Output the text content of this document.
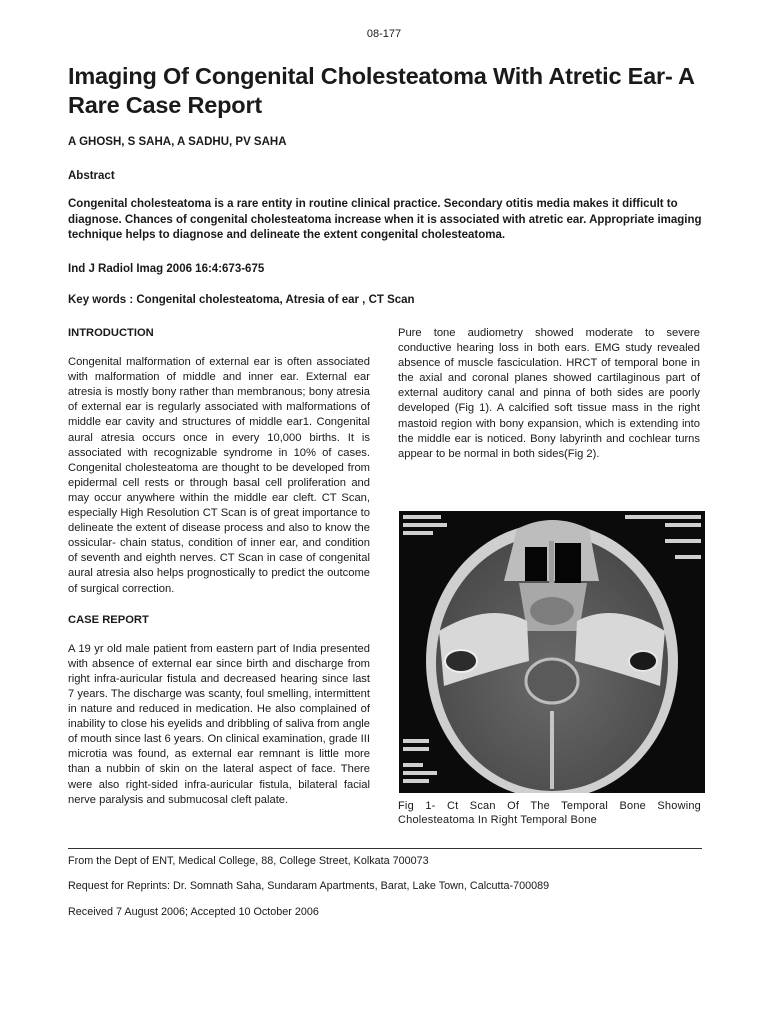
08-177
Imaging Of Congenital Cholesteatoma With Atretic Ear- A Rare Case Report
A GHOSH, S SAHA, A SADHU, PV SAHA
Abstract

Congenital cholesteatoma is a rare entity in routine clinical practice. Secondary otitis media makes it difficult to diagnose. Chances of congenital cholesteatoma increase when it is associated with atretic ear. Appropriate imaging technique helps to diagnose and delineate the extent congenital cholesteatoma.

Ind J Radiol Imag 2006 16:4:673-675
Key words : Congenital cholesteatoma, Atresia of ear , CT Scan
INTRODUCTION

Congenital malformation of external ear is often associated with malformation of middle and inner ear. External ear atresia is mostly bony rather than membranous; bony atresia of external ear is regularly associated with malformations of middle ear cavity and structures of middle ear1. Congenital aural atresia occurs once in every 10,000 births. It is associated with recognizable syndrome in 10% of cases. Congenital cholesteatoma are thought to be developed from epidermal cell rests or through basal cell proliferation and may occur anywhere within the middle ear cleft. CT Scan, especially High Resolution CT Scan is of great importance to delineate the extent of disease process and also to know the ossicular- chain status, condition of inner ear, and condition of seventh and eighth nerves. CT Scan in case of congenital aural atresia also helps prognostically to predict the outcome of surgical correction.

CASE REPORT

A 19 yr old male patient from eastern part of India presented with absence of external ear since birth and discharge from right infra-auricular fistula and decreased hearing since last 7 years. The discharge was scanty, foul smelling, intermittent in nature and reduced in medication. He also complained of inability to close his eyelids and dribbling of saliva from angle of mouth since last 6 years. On clinical examination, grade III microtia was found, as external ear remnant is little more than a nubbin of skin on the lateral aspect of face. There were also right-sided infra-auricular fistula, bilateral facial nerve paralysis and submucosal cleft palate.

Pure tone audiometry showed moderate to severe conductive hearing loss in both ears. EMG study revealed absence of muscle fasciculation. HRCT of temporal bone in the axial and coronal planes showed cartilaginous part of external auditory canal and pinna of both sides are poorly developed (Fig 1). A calcified soft tissue mass in the right mastoid region with bony expansion, which is extending into the middle ear is noticed. Bony labyrinth and cochlear turns appear to be normal in both sides(Fig 2).

Fig 1- Ct Scan Of The Temporal Bone Showing Cholesteatoma In Right Temporal Bone

From the Dept of ENT, Medical College, 88, College Street, Kolkata 700073
Request for Reprints: Dr. Somnath Saha, Sundaram Apartments, Barat, Lake Town, Calcutta-700089
Received 7 August 2006; Accepted 10 October 2006
